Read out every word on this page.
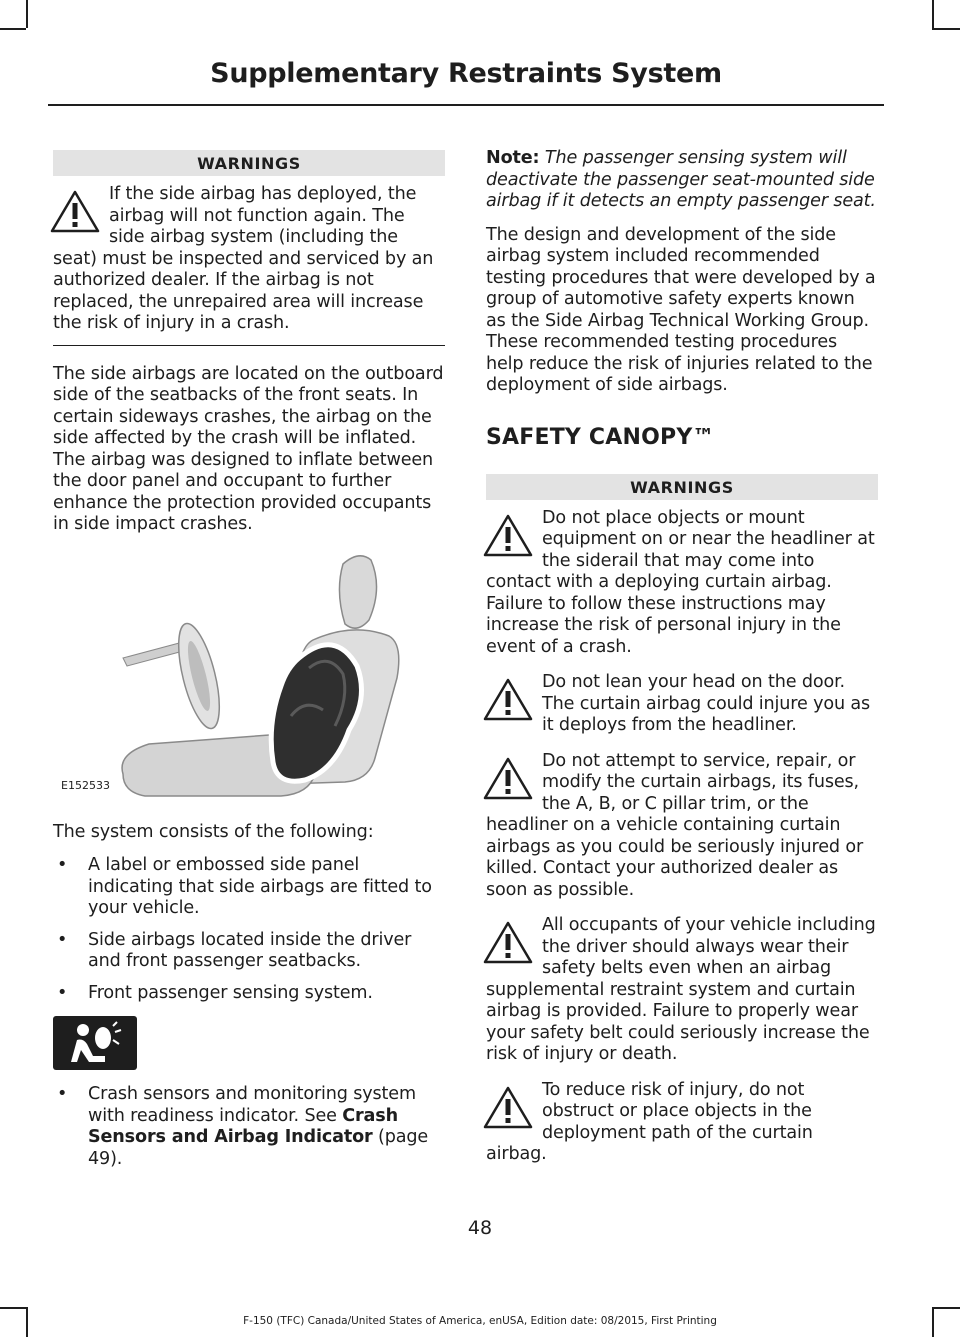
Supplementary Restraints System
WARNINGS
If the side airbag has deployed, the airbag will not function again. The side airbag system (including the seat) must be inspected and serviced by an authorized dealer. If the airbag is not replaced, the unrepaired area will increase the risk of injury in a crash.

The side airbags are located on the outboard side of the seatbacks of the front seats. In certain sideways crashes, the airbag on the side affected by the crash will be inflated. The airbag was designed to inflate between the door panel and occupant to further enhance the protection provided occupants in side impact crashes.

E152533

The system consists of the following:

• A label or embossed side panel indicating that side airbags are fitted to your vehicle.
• Side airbags located inside the driver and front passenger seatbacks.
• Front passenger sensing system.
• Crash sensors and monitoring system with readiness indicator. See Crash Sensors and Airbag Indicator (page 49).

Note: The passenger sensing system will deactivate the passenger seat-mounted side airbag if it detects an empty passenger seat.

The design and development of the side airbag system included recommended testing procedures that were developed by a group of automotive safety experts known as the Side Airbag Technical Working Group. These recommended testing procedures help reduce the risk of injuries related to the deployment of side airbags.

SAFETY CANOPY™
WARNINGS
Do not place objects or mount equipment on or near the headliner at the siderail that may come into contact with a deploying curtain airbag. Failure to follow these instructions may increase the risk of personal injury in the event of a crash.
Do not lean your head on the door. The curtain airbag could injure you as it deploys from the headliner.
Do not attempt to service, repair, or modify the curtain airbags, its fuses, the A, B, or C pillar trim, or the headliner on a vehicle containing curtain airbags as you could be seriously injured or killed. Contact your authorized dealer as soon as possible.
All occupants of your vehicle including the driver should always wear their safety belts even when an airbag supplemental restraint system and curtain airbag is provided. Failure to properly wear your safety belt could seriously increase the risk of injury or death.
To reduce risk of injury, do not obstruct or place objects in the deployment path of the curtain airbag.
48
F-150 (TFC) Canada/United States of America, enUSA, Edition date: 08/2015, First Printing
